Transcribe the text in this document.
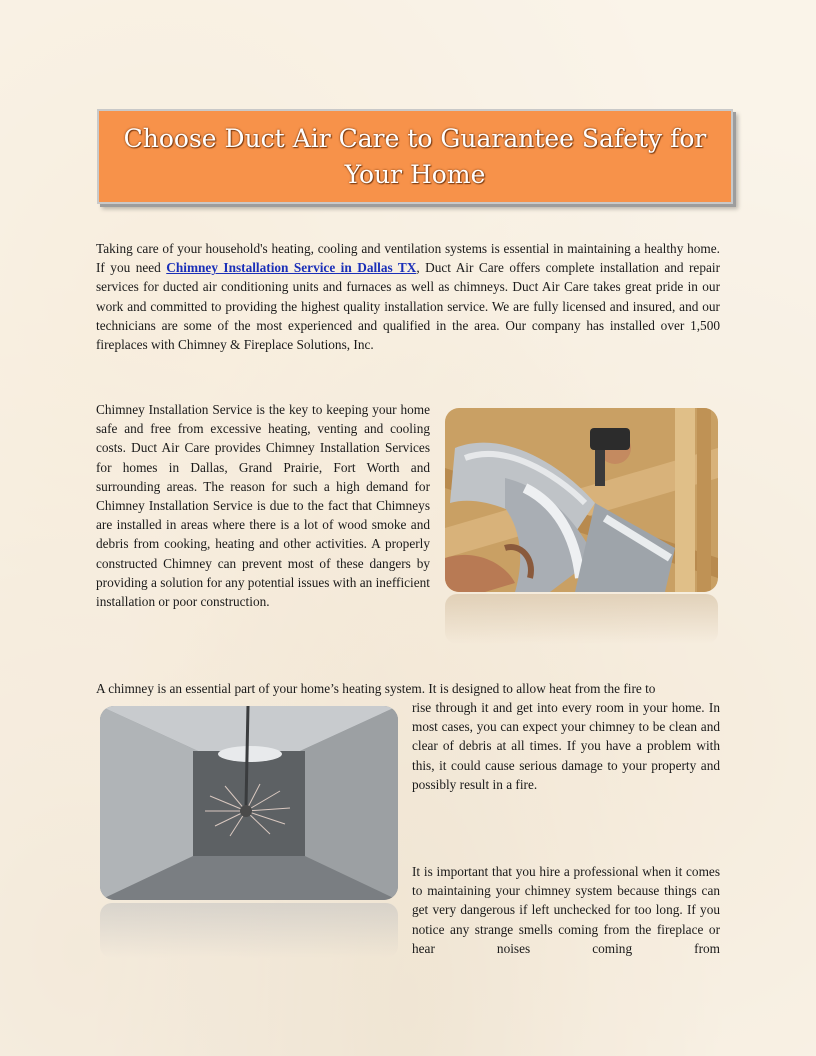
Choose Duct Air Care to Guarantee Safety for Your Home

Taking care of your household's heating, cooling and ventilation systems is essential in maintaining a healthy home. If you need Chimney Installation Service in Dallas TX, Duct Air Care offers complete installation and repair services for ducted air conditioning units and furnaces as well as chimneys. Duct Air Care takes great pride in our work and committed to providing the highest quality installation service. We are fully licensed and insured, and our technicians are some of the most experienced and qualified in the area. Our company has installed over 1,500 fireplaces with Chimney & Fireplace Solutions, Inc.

Chimney Installation Service is the key to keeping your home safe and free from excessive heating, venting and cooling costs. Duct Air Care provides Chimney Installation Services for homes in Dallas, Grand Prairie, Fort Worth and surrounding areas. The reason for such a high demand for Chimney Installation Service is due to the fact that Chimneys are installed in areas where there is a lot of wood smoke and debris from cooking, heating and other activities. A properly constructed Chimney can prevent most of these dangers by providing a solution for any potential issues with an inefficient installation or poor construction.

A chimney is an essential part of your home’s heating system. It is designed to allow heat from the fire to

rise through it and get into every room in your home. In most cases, you can expect your chimney to be clean and clear of debris at all times. If you have a problem with this, it could cause serious damage to your property and possibly result in a fire.

It is important that you hire a professional when it comes to maintaining your chimney system because things can get very dangerous if left unchecked for too long. If you notice any strange smells coming from the fireplace or hear noises coming from
